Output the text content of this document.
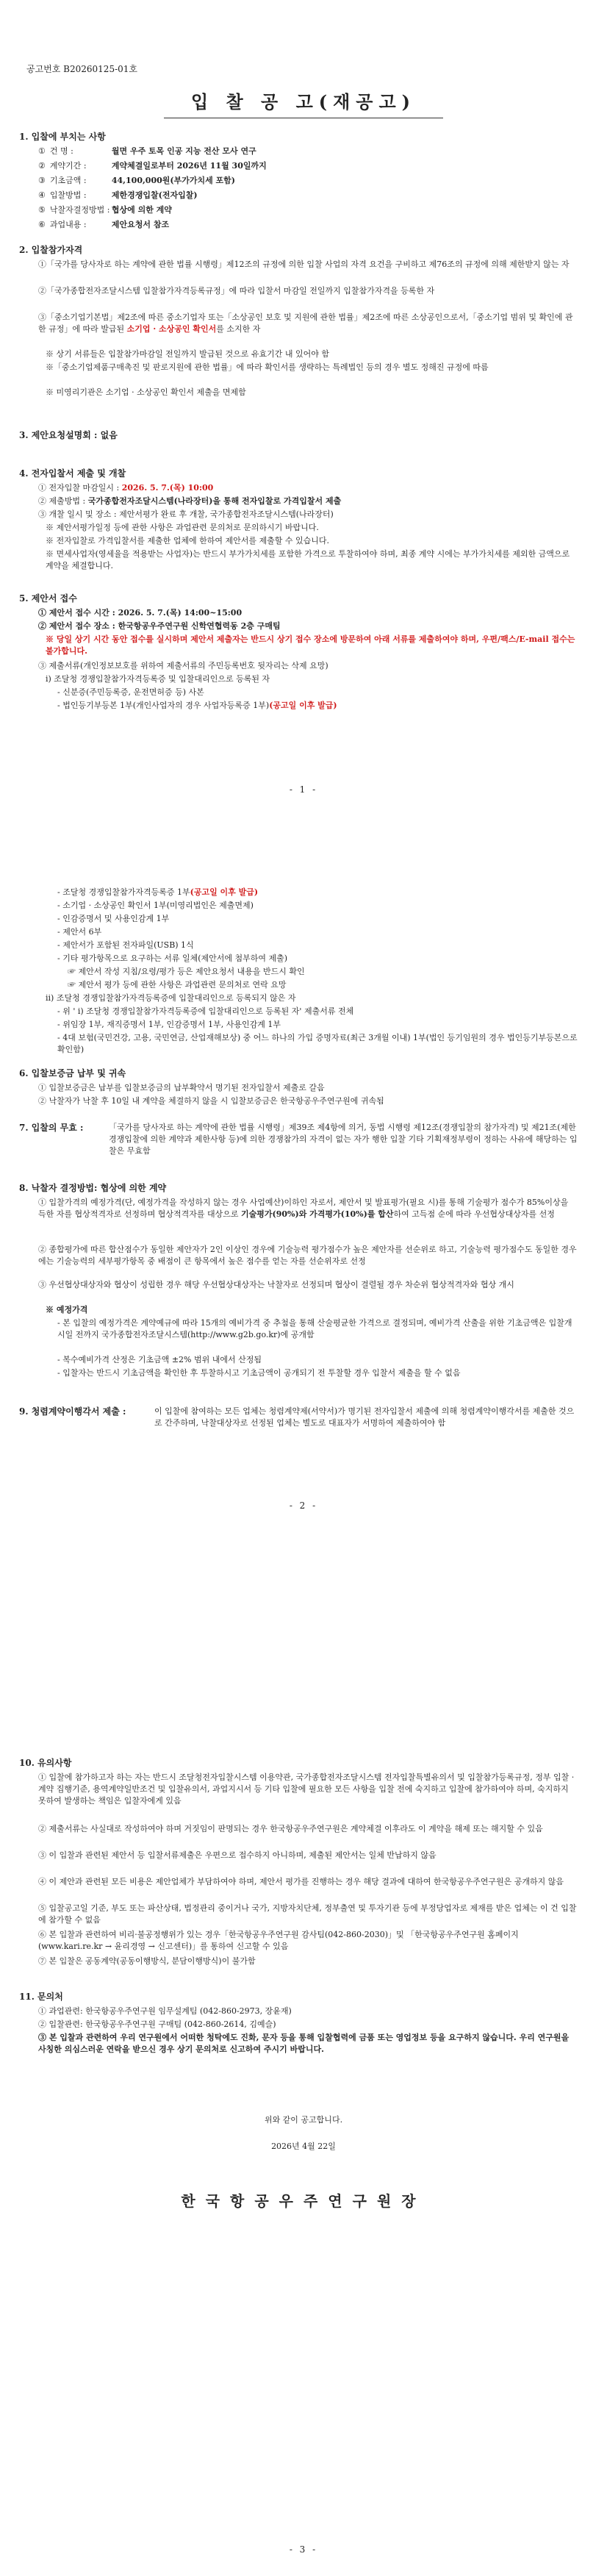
공고번호 B20260125-01호
입 찰 공 고(재공고)
1. 입찰에 부치는 사항
① 건 명 :	월면 우주 토목 인공 지능 전산 모사 연구
② 계약기간 :	계약체결일로부터 2026년 11월 30일까지
③ 기초금액 :	44,100,000원(부가가치세 포함)
④ 입찰방법 :	제한경쟁입찰(전자입찰)
⑤ 낙찰자결정방법 : 협상에 의한 계약
⑥ 과업내용 :	제안요청서 참조
2. 입찰참가자격
①「국가를 당사자로 하는 계약에 관한 법률 시행령」제12조의 규정에 의한 입찰 사업의 자격 요건을 구비하고 제76조의 규정에 의해 제한받지 않는 자
②「국가종합전자조달시스템 입찰참가자격등록규정」에 따라 입찰서 마감일 전일까지 입찰참가자격을 등록한 자
③「중소기업기본법」제2조에 따른 중소기업자 또는「소상공인 보호 및 지원에 관한 법률」제2조에 따른 소상공인으로서,「중소기업 범위 및 확인에 관한 규정」에 따라 발급된 소기업 · 소상공인 확인서를 소지한 자
※ 상기 서류들은 입찰참가마감일 전일까지 발급된 것으로 유효기간 내 있어야 함
※「중소기업제품구매촉진 및 판로지원에 관한 법률」에 따라 확인서를 생략하는 특례법인 등의 경우 별도 정해진 규정에 따름
※ 미영리기관은 소기업 · 소상공인 확인서 제출을 면제함
3. 제안요청설명회 : 없음
4. 전자입찰서 제출 및 개찰
① 전자입찰 마감일시 : 2026. 5. 7.(목) 10:00
② 제출방법 : 국가종합전자조달시스템(나라장터)을 통해 전자입찰로 가격입찰서 제출
③ 개찰 일시 및 장소 : 제안서평가 완료 후 개찰, 국가종합전자조달시스템(나라장터)
※ 제안서평가일정 등에 관한 사항은 과업관련 문의처로 문의하시기 바랍니다.
※ 전자입찰로 가격입찰서를 제출한 업체에 한하여 제안서를 제출할 수 있습니다.
※ 면세사업자(영세율을 적용받는 사업자)는 반드시 부가가치세를 포함한 가격으로 투찰하여야 하며, 최종 계약 시에는 부가가치세를 제외한 금액으로 계약을 체결합니다.
5. 제안서 접수
① 제안서 접수 시간 : 2026. 5. 7.(목) 14:00~15:00
② 제안서 접수 장소 : 한국항공우주연구원 신학연협력동 2층 구매팀
※ 당일 상기 시간 동안 접수를 실시하며 제안서 제출자는 반드시 상기 접수 장소에 방문하여 아래 서류를 제출하여야 하며, 우편/팩스/E-mail 접수는 불가합니다.
③ 제출서류(개인정보보호를 위하여 제출서류의 주민등록번호 뒷자리는 삭제 요망)
ⅰ) 조달청 경쟁입찰참가자격등록증 및 입찰대리인으로 등록된 자
- 신분증(주민등록증, 운전면허증 등) 사본
- 법인등기부등본 1부(개인사업자의 경우 사업자등록증 1부)(공고일 이후 발급)
- 1 -
- 조달청 경쟁입찰참가자격등록증 1부(공고일 이후 발급)
- 소기업 · 소상공인 확인서 1부(미영리법인은 제출면제)
- 인감증명서 및 사용인감계 1부
- 제안서 6부
- 제안서가 포함된 전자파일(USB) 1식
- 기타 평가항목으로 요구하는 서류 일체(제안서에 첨부하여 제출)
☞ 제안서 작성 지침/요령/평가 등은 제안요청서 내용을 반드시 확인
☞ 제안서 평가 등에 관한 사항은 과업관련 문의처로 연락 요망
ⅱ) 조달청 경쟁입찰참가자격등록증에 입찰대리인으로 등록되지 않은 자
- 위 ' ⅰ) 조달청 경쟁입찰참가자격등록증에 입찰대리인으로 등록된 자' 제출서류 전체
- 위임장 1부, 재직증명서 1부, 인감증명서 1부, 사용인감계 1부
- 4대 보험(국민건강, 고용, 국민연금, 산업재해보상) 중 어느 하나의 가입 증명자료(최근 3개월 이내) 1부(법인 등기임원의 경우 법인등기부등본으로 확인함)
6. 입찰보증금 납부 및 귀속
① 입찰보증금은 납부를 입찰보증금의 납부확약서 명기된 전자입찰서 제출로 갈음
② 낙찰자가 낙찰 후 10일 내 계약을 체결하지 않을 시 입찰보증금은 한국항공우주연구원에 귀속됨
7. 입찰의 무효 :	「국가를 당사자로 하는 계약에 관한 법률 시행령」제39조 제4항에 의거, 동법 시행령 제12조(경쟁입찰의 참가자격) 및 제21조(제한경쟁입찰에 의한 계약과 제한사항 등)에 의한 경쟁참가의 자격이 없는 자가 행한 입찰 기타 기획재정부령이 정하는 사유에 해당하는 입찰은 무효함
8. 낙찰자 결정방법: 협상에 의한 계약
① 입찰가격의 예정가격(단, 예정가격을 작성하지 않는 경우 사업예산)이하인 자로서, 제안서 및 발표평가(필요 시)를 통해 기술평가 점수가 85%이상을 득한 자를 협상적격자로 선정하며 협상적격자를 대상으로 기술평가(90%)와 가격평가(10%)를 합산하여 고득점 순에 따라 우선협상대상자를 선정
② 종합평가에 따른 합산점수가 동일한 제안자가 2인 이상인 경우에 기술능력 평가점수가 높은 제안자를 선순위로 하고, 기술능력 평가점수도 동일한 경우에는 기술능력의 세부평가항목 중 배점이 큰 항목에서 높은 점수를 얻는 자를 선순위자로 선정
③ 우선협상대상자와 협상이 성립한 경우 해당 우선협상대상자는 낙찰자로 선정되며 협상이 결렬될 경우 차순위 협상적격자와 협상 개시
※ 예정가격
- 본 입찰의 예정가격은 계약예규에 따라 15개의 예비가격 중 추첨을 통해 산술평균한 가격으로 결정되며, 예비가격 산출을 위한 기초금액은 입찰개시일 전까지 국가종합전자조달시스템(http://www.g2b.go.kr)에 공개함
- 복수예비가격 산정은 기초금액 ±2% 범위 내에서 산정됨
- 입찰자는 반드시 기초금액을 확인한 후 투찰하시고 기초금액이 공개되기 전 투찰할 경우 입찰서 제출을 할 수 없음
9. 청렴계약이행각서 제출 :	이 입찰에 참여하는 모든 업체는 청렴계약제(서약서)가 명기된 전자입찰서 제출에 의해 청렴계약이행각서를 제출한 것으로 간주하며, 낙찰대상자로 선정된 업체는 별도로 대표자가 서명하여 제출하여야 함
- 2 -
10. 유의사항
① 입찰에 참가하고자 하는 자는 반드시 조달청전자입찰시스템 이용약관, 국가종합전자조달시스템 전자입찰특별유의서 및 입찰참가등록규정, 정부 입찰 · 계약 집행기준, 용역계약일반조건 및 입찰유의서, 과업지시서 등 기타 입찰에 필요한 모든 사항을 입찰 전에 숙지하고 입찰에 참가하여야 하며, 숙지하지 못하여 발생하는 책임은 입찰자에게 있음
② 제출서류는 사실대로 작성하여야 하며 거짓임이 판명되는 경우 한국항공우주연구원은 계약체결 이후라도 이 계약을 해제 또는 해지할 수 있음
③ 이 입찰과 관련된 제안서 등 입찰서류제출은 우편으로 접수하지 아니하며, 제출된 제안서는 일체 반납하지 않음
④ 이 제안과 관련된 모든 비용은 제안업체가 부담하여야 하며, 제안서 평가를 진행하는 경우 해당 결과에 대하여 한국항공우주연구원은 공개하지 않음
⑤ 입찰공고일 기준, 부도 또는 파산상태, 법정관리 중이거나 국가, 지방자치단체, 정부출연 및 투자기관 등에 부정당업자로 제재를 받은 업체는 이 건 입찰에 참가할 수 없음
⑥ 본 입찰과 관련하여 비리·불공정행위가 있는 경우「한국항공우주연구원 감사팀(042-860-2030)」및 「한국항공우주연구원 홈페이지(www.kari.re.kr → 윤리경영 → 신고센터)」를 통하여 신고할 수 있음
⑦ 본 입찰은 공동계약(공동이행방식, 분담이행방식)이 불가함
11. 문의처
① 과업관련: 한국항공우주연구원 임무설계팀 (042-860-2973, 장윤재)
② 입찰관련: 한국항공우주연구원 구매팀 (042-860-2614, 김예슬)
③ 본 입찰과 관련하여 우리 연구원에서 어떠한 청탁에도 진화, 문자 등을 통해 입찰협력에 금품 또는 영업정보 등을 요구하지 않습니다. 우리 연구원을 사칭한 의심스러운 연락을 받으신 경우 상기 문의처로 신고하여 주시기 바랍니다.
위와 같이 공고합니다.
2026년 4월 22일
한국항공우주연구원장
- 3 -
